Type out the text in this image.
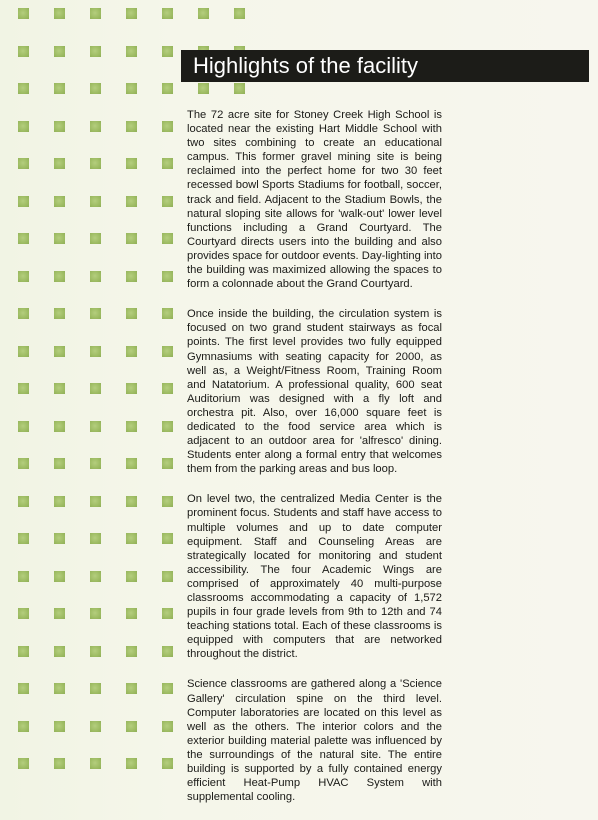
Highlights of the facility

The 72 acre site for Stoney Creek High School is located near the existing Hart Middle School with two sites combining to create an educational campus. This former gravel mining site is being reclaimed into the perfect home for two 30 feet recessed bowl Sports Stadiums for football, soccer, track and field. Adjacent to the Stadium Bowls, the natural sloping site allows for 'walk-out' lower level functions including a Grand Courtyard. The Courtyard directs users into the building and also provides space for outdoor events. Day-lighting into the building was maximized allowing the spaces to form a colonnade about the Grand Courtyard.

Once inside the building, the circulation system is focused on two grand student stairways as focal points. The first level provides two fully equipped Gymnasiums with seating capacity for 2000, as well as, a Weight/Fitness Room, Training Room and Natatorium. A professional quality, 600 seat Auditorium was designed with a fly loft and orchestra pit. Also, over 16,000 square feet is dedicated to the food service area which is adjacent to an outdoor area for 'alfresco' dining. Students enter along a formal entry that welcomes them from the parking areas and bus loop.

On level two, the centralized Media Center is the prominent focus. Students and staff have access to multiple volumes and up to date computer equipment. Staff and Counseling Areas are strategically located for monitoring and student accessibility. The four Academic Wings are comprised of approximately 40 multi-purpose classrooms accommodating a capacity of 1,572 pupils in four grade levels from 9th to 12th and 74 teaching stations total. Each of these classrooms is equipped with computers that are networked throughout the district.

Science classrooms are gathered along a 'Science Gallery' circulation spine on the third level. Computer laboratories are located on this level as well as the others. The interior colors and the exterior building material palette was influenced by the surroundings of the natural site. The entire building is supported by a fully contained energy efficient Heat-Pump HVAC System with supplemental cooling.
